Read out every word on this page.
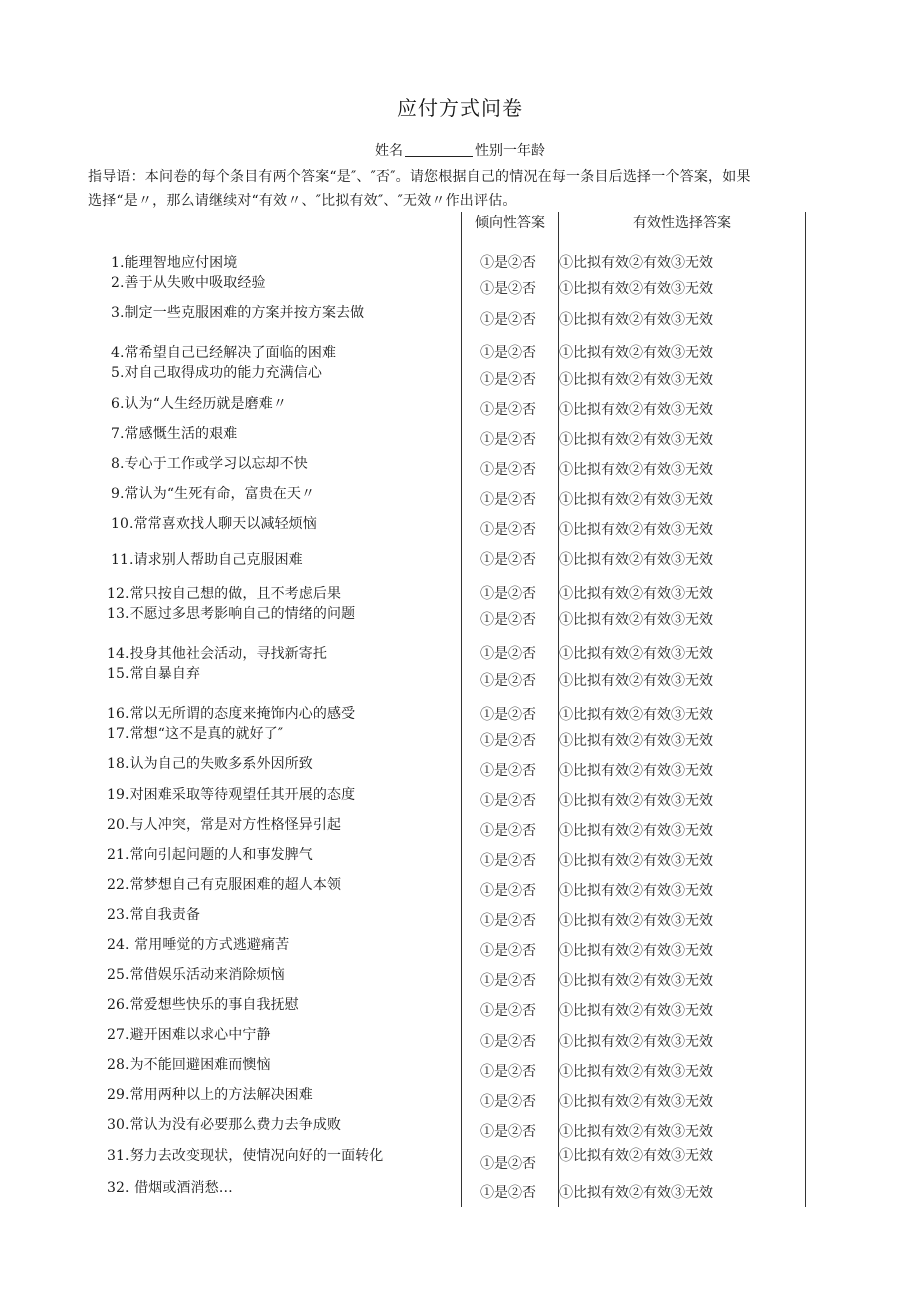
应付方式问卷
姓名	性别一年龄
指导语：本问卷的每个条目有两个答案“是″、″否″。请您根据自己的情况在每一条目后选择一个答案，如果
选择“是〃，那么请继续对“有效〃、″比拟有效″、″无效〃作出评估。
倾向性答案	有效性选择答案
1.能理智地应付困境	①是②否 ①比拟有效②有效③无效
2.善于从失败中吸取经验	①是②否 ①比拟有效②有效③无效
3.制定一些克服困难的方案并按方案去做	①是②否 ①比拟有效②有效③无效
4.常希望自己已经解决了面临的困难	①是②否 ①比拟有效②有效③无效
5.对自己取得成功的能力充满信心	①是②否 ①比拟有效②有效③无效
6.认为“人生经历就是磨难〃	①是②否 ①比拟有效②有效③无效
7.常感慨生活的艰难	①是②否 ①比拟有效②有效③无效
8.专心于工作或学习以忘却不快	①是②否 ①比拟有效②有效③无效
9.常认为“生死有命，富贵在天〃	①是②否 ①比拟有效②有效③无效
10.常常喜欢找人聊天以减轻烦恼	①是②否 ①比拟有效②有效③无效
11.请求别人帮助自己克服困难	①是②否 ①比拟有效②有效③无效
12.常只按自己想的做，且不考虑后果	①是②否 ①比拟有效②有效③无效
13.不愿过多思考影响自己的情绪的问题	①是②否 ①比拟有效②有效③无效
14.投身其他社会活动，寻找新寄托	①是②否 ①比拟有效②有效③无效
15.常自暴自弃	①是②否 ①比拟有效②有效③无效
16.常以无所谓的态度来掩饰内心的感受	①是②否 ①比拟有效②有效③无效
17.常想“这不是真的就好了″	①是②否 ①比拟有效②有效③无效
18.认为自己的失败多系外因所致	①是②否 ①比拟有效②有效③无效
19.对困难采取等待观望任其开展的态度	①是②否 ①比拟有效②有效③无效
20.与人冲突，常是对方性格怪异引起	①是②否 ①比拟有效②有效③无效
21.常向引起问题的人和事发脾气	①是②否 ①比拟有效②有效③无效
22.常梦想自己有克服困难的超人本领	①是②否 ①比拟有效②有效③无效
23.常自我责备	①是②否 ①比拟有效②有效③无效
24. 常用唾觉的方式逃避痛苦	①是②否 ①比拟有效②有效③无效
25.常借娱乐活动来消除烦恼	①是②否 ①比拟有效②有效③无效
26.常爱想些快乐的事自我抚慰	①是②否 ①比拟有效②有效③无效
27.避开困难以求心中宁静	①是②否 ①比拟有效②有效③无效
28.为不能回避困难而懊恼	①是②否 ①比拟有效②有效③无效
29.常用两种以上的方法解决困难	①是②否 ①比拟有效②有效③无效
30.常认为没有必要那么费力去争成败	①是②否 ①比拟有效②有效③无效
31.努力去改变现状，使情况向好的一面转化	①是②否 ①比拟有效②有效③无效
32. 借烟或酒消愁…	①是②否 ①比拟有效②有效③无效
